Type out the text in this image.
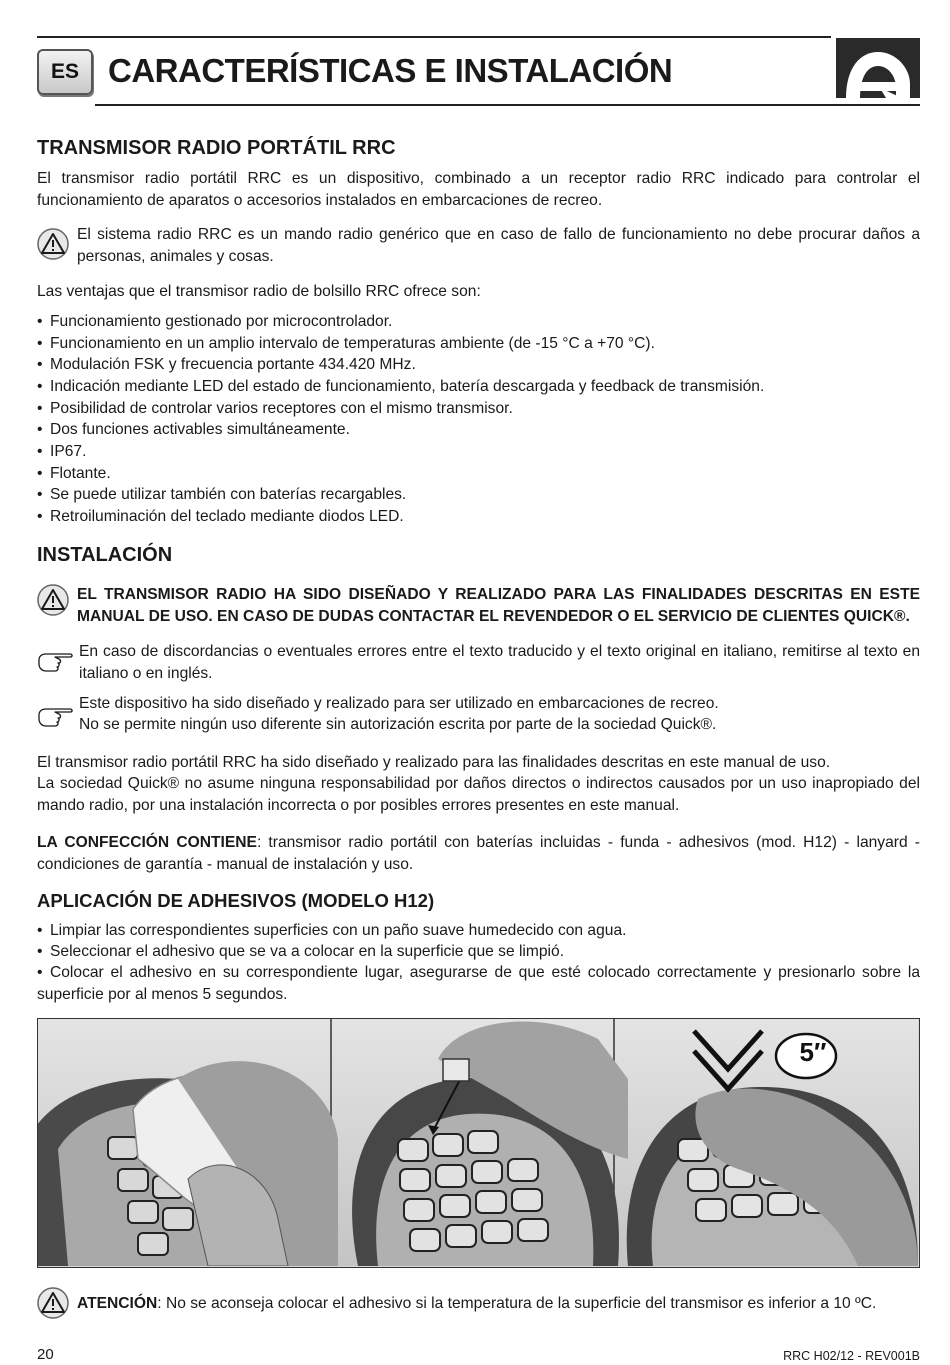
ES CARACTERÍSTICAS E INSTALACIÓN
TRANSMISOR RADIO PORTÁTIL RRC
El transmisor radio portátil RRC es un dispositivo, combinado a un receptor radio RRC indicado para controlar el funcionamiento de aparatos o accesorios instalados en embarcaciones de recreo.
El sistema radio RRC es un mando radio genérico que en caso de fallo de funcionamiento no debe procurar daños a personas, animales y cosas.
Las ventajas que el transmisor radio de bolsillo RRC ofrece son:
• Funcionamiento gestionado por microcontrolador.
• Funcionamiento en un amplio intervalo de temperaturas ambiente (de -15 °C a +70 °C).
• Modulación FSK y frecuencia portante 434.420 MHz.
• Indicación mediante LED del estado de funcionamiento, batería descargada y feedback de transmisión.
• Posibilidad de controlar varios receptores con el mismo transmisor.
• Dos funciones activables simultáneamente.
• IP67.
• Flotante.
• Se puede utilizar también con baterías recargables.
• Retroiluminación del teclado mediante diodos LED.
INSTALACIÓN
EL TRANSMISOR RADIO HA SIDO DISEÑADO Y REALIZADO PARA LAS FINALIDADES DESCRITAS EN ESTE MANUAL DE USO. EN CASO DE DUDAS CONTACTAR EL REVENDEDOR O EL SERVICIO DE CLIENTES QUICK®.
En caso de discordancias o eventuales errores entre el texto traducido y el texto original en italiano, remitirse al texto en italiano o en inglés.
Este dispositivo ha sido diseñado y realizado para ser utilizado en embarcaciones de recreo.
No se permite ningún uso diferente sin autorización escrita por parte de la sociedad Quick®.
El transmisor radio portátil RRC ha sido diseñado y realizado para las finalidades descritas en este manual de uso.
La sociedad Quick® no asume ninguna responsabilidad por daños directos o indirectos causados por un uso inapropiado del mando radio, por una instalación incorrecta o por posibles errores presentes en este manual.
LA CONFECCIÓN CONTIENE: transmisor radio portátil con baterías incluidas - funda - adhesivos (mod. H12) - lanyard - condiciones de garantía - manual de instalación y uso.
APLICACIÓN DE ADHESIVOS (MODELO H12)
• Limpiar las correspondientes superficies con un paño suave humedecido con agua.
• Seleccionar el adhesivo que se va a colocar en la superficie que se limpió.
• Colocar el adhesivo en su correspondiente lugar, asegurarse de que esté colocado correctamente y presionarlo sobre la superficie por al menos 5 segundos.
5″
ATENCIÓN: No se aconseja colocar el adhesivo si la temperatura de la superficie del transmisor es inferior a 10 ºC.
20	RRC H02/12 - REV001B
